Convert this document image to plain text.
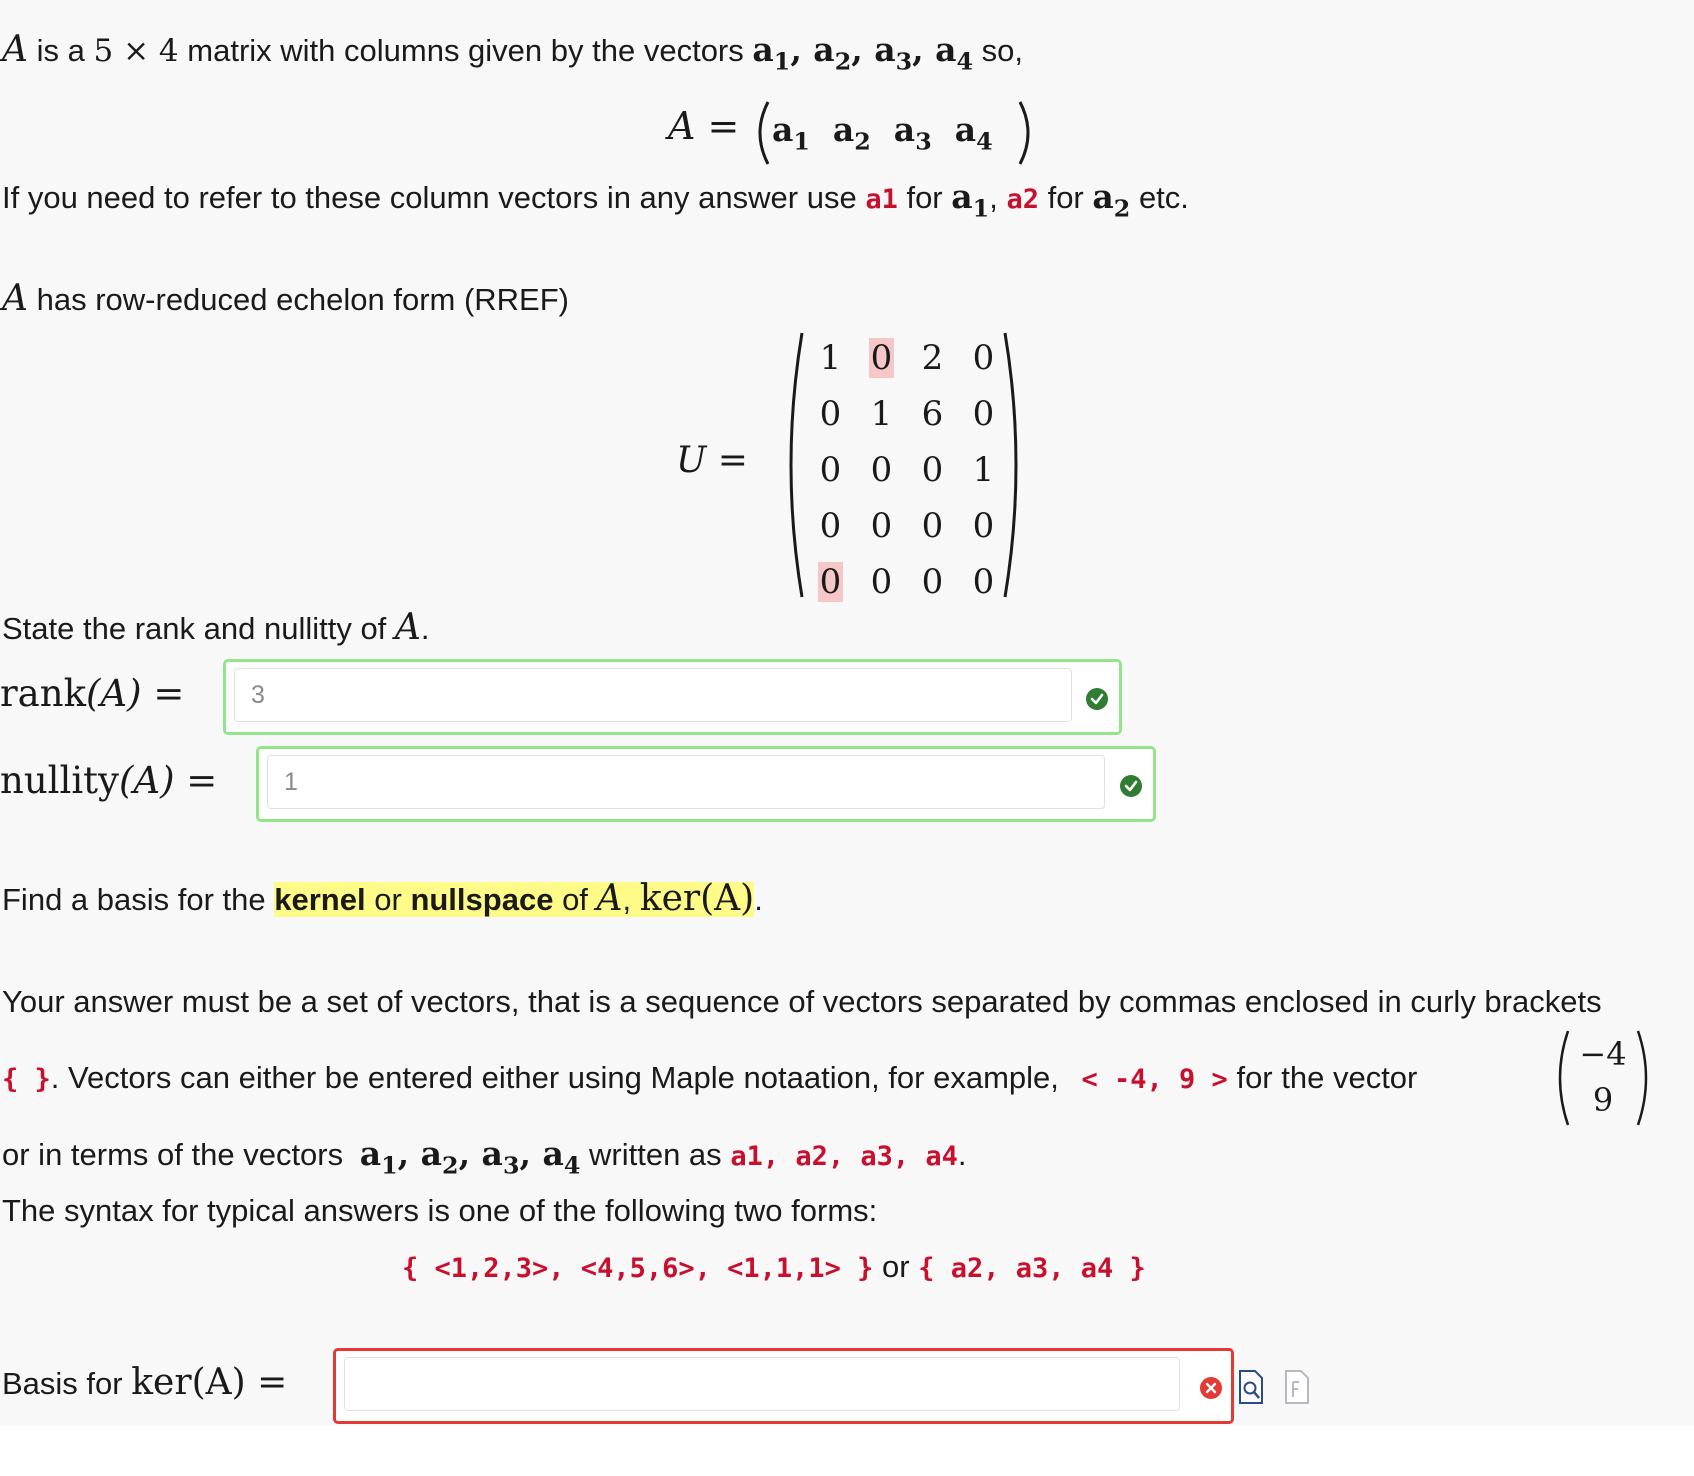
A is a 5 × 4 matrix with columns given by the vectors $a_1$, $a_2$, $a_3$, $a_4$ so,
$A = a_1$  $a_2$  $a_3$  $a_4$
If you need to refer to these column vectors in any answer use a1 for $a_1$, a2 for $a_2$ etc.
A has row-reduced echelon form (RREF)
U =
1 0 2 0
0 1 6 0
0 0 0 1
0 0 0 0
0 0 0 0
State the rank and nullitty of A.
rank(A) =
3
nullity(A) =
1
Find a basis for the kernel or nullspace of A, ker(A).
Your answer must be a set of vectors, that is a sequence of vectors separated by commas enclosed in curly brackets
{ }. Vectors can either be entered either using Maple notaation, for example, < -4, 9 > for the vector
−4
9
or in terms of the vectors $a_1$, $a_2$, $a_3$, $a_4$ written as a1, a2, a3, a4.
The syntax for typical answers is one of the following two forms:
{ <1,2,3>, <4,5,6>, <1,1,1> } or { a2, a3, a4 }
Basis for ker(A) =
